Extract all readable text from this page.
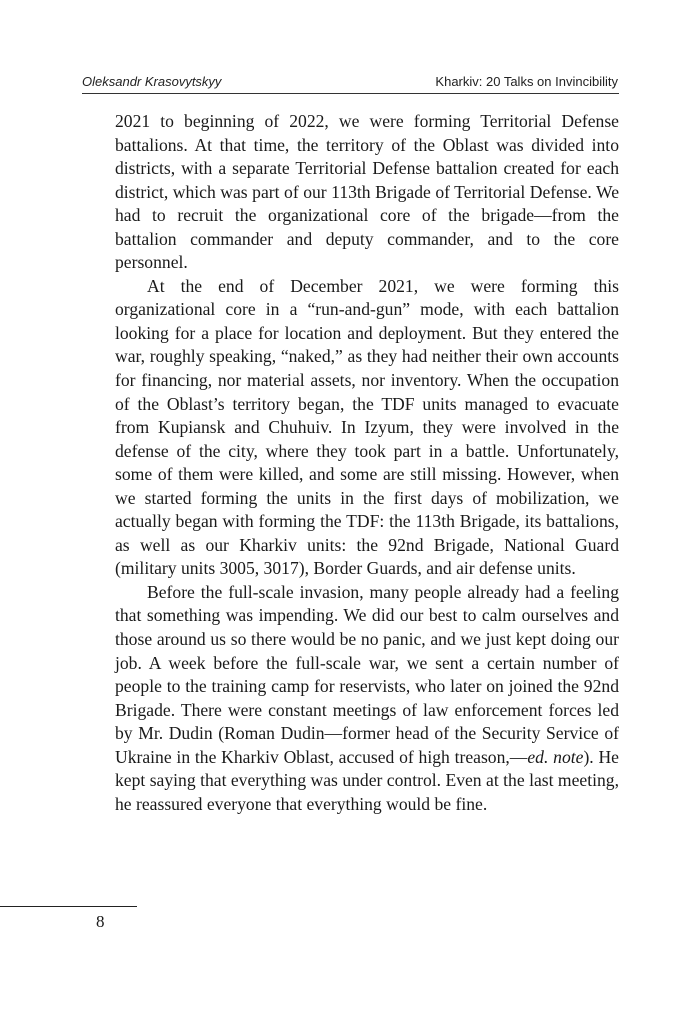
Oleksandr Krasovytskyy	Kharkiv: 20 Talks on Invincibility

2021 to beginning of 2022, we were forming Territorial Defense battalions. At that time, the territory of the Oblast was divided into districts, with a separate Territorial Defense battalion created for each district, which was part of our 113th Brigade of Territorial Defense. We had to recruit the organizational core of the brigade—from the battalion commander and deputy commander, and to the core personnel.

At the end of December 2021, we were forming this organizational core in a “run-and-gun” mode, with each battalion looking for a place for location and deployment. But they entered the war, roughly speaking, “naked,” as they had neither their own accounts for financing, nor material assets, nor inventory. When the occupation of the Oblast’s territory began, the TDF units managed to evacuate from Kupiansk and Chuhuiv. In Izyum, they were involved in the defense of the city, where they took part in a battle. Unfortunately, some of them were killed, and some are still missing. However, when we started forming the units in the first days of mobilization, we actually began with forming the TDF: the 113th Brigade, its battalions, as well as our Kharkiv units: the 92nd Brigade, National Guard (military units 3005, 3017), Border Guards, and air defense units.

Before the full-scale invasion, many people already had a feeling that something was impending. We did our best to calm ourselves and those around us so there would be no panic, and we just kept doing our job. A week before the full-scale war, we sent a certain number of people to the training camp for reservists, who later on joined the 92nd Brigade. There were constant meetings of law enforcement forces led by Mr. Dudin (Roman Dudin—former head of the Security Service of Ukraine in the Kharkiv Oblast, accused of high treason,—ed. note). He kept saying that everything was under control. Even at the last meeting, he reassured everyone that everything would be fine.

8
